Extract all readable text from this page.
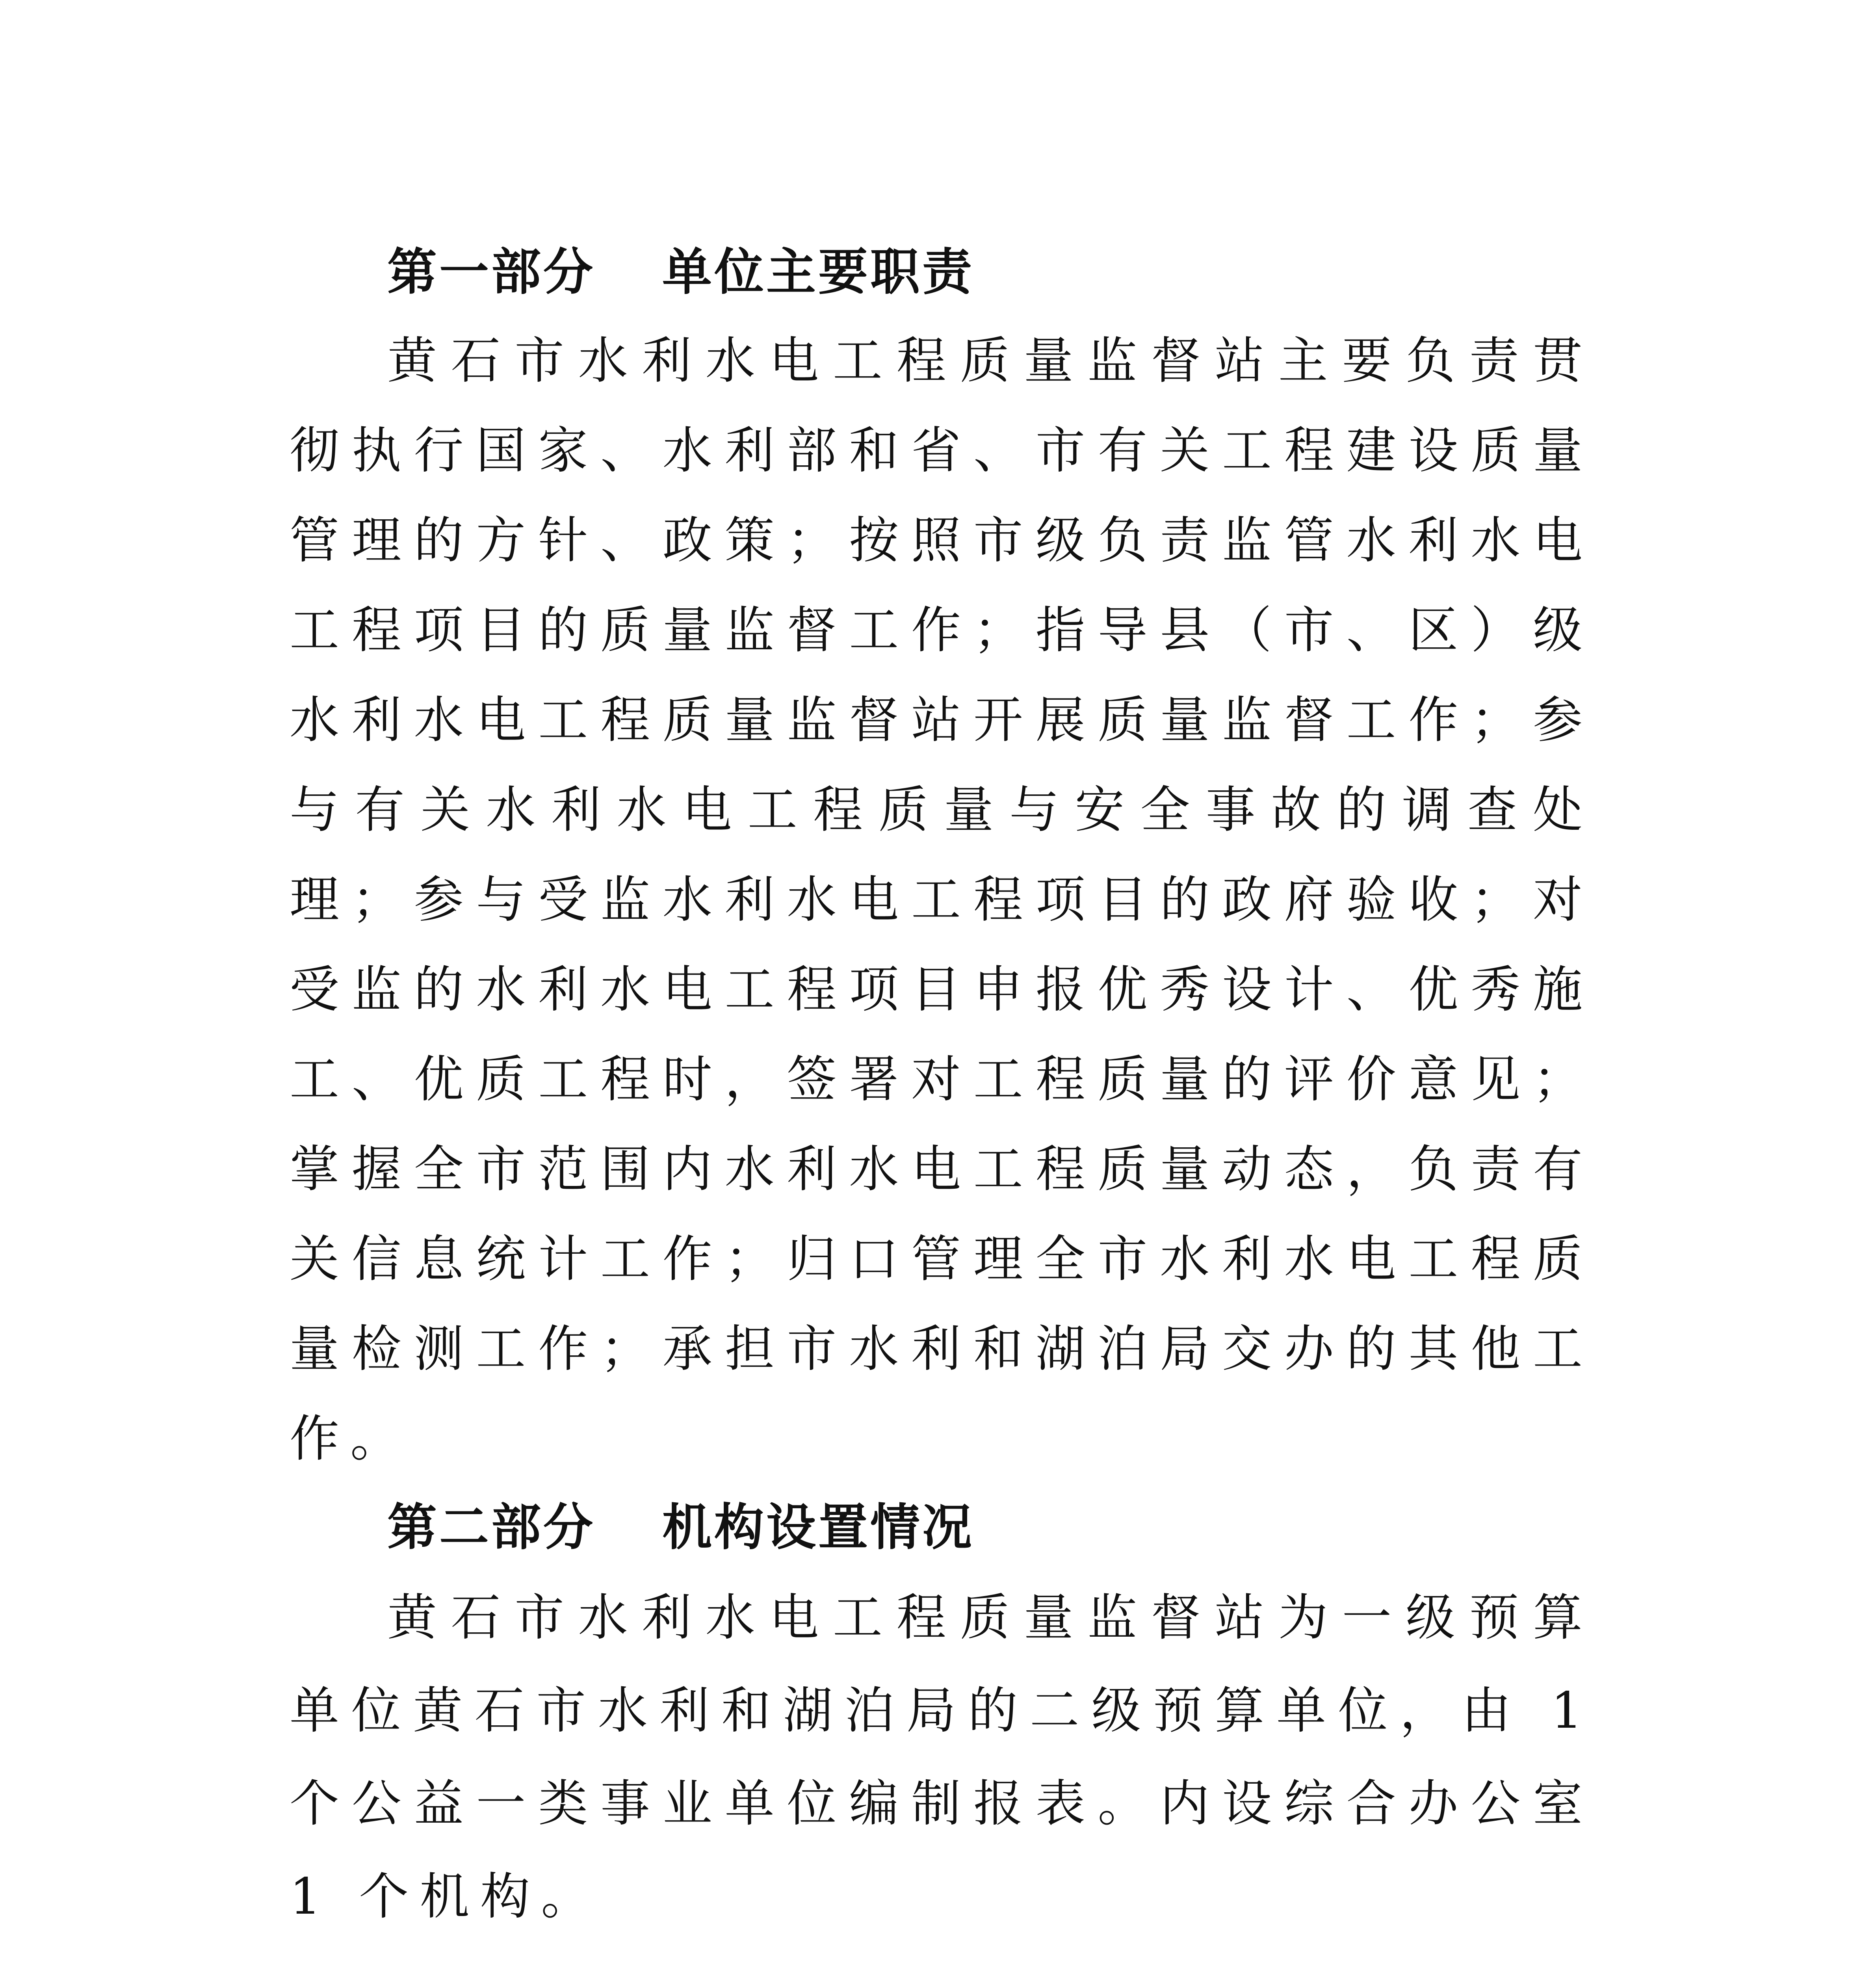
第一部分 单位主要职责

黄石市水利水电工程质量监督站主要负责贯彻执行国家、水利部和省、市有关工程建设质量管理的方针、政策；按照市级负责监管水利水电工程项目的质量监督工作；指导县（市、区）级水利水电工程质量监督站开展质量监督工作；参与有关水利水电工程质量与安全事故的调查处理；参与受监水利水电工程项目的政府验收；对受监的水利水电工程项目申报优秀设计、优秀施工、优质工程时，签署对工程质量的评价意见；掌握全市范围内水利水电工程质量动态，负责有关信息统计工作；归口管理全市水利水电工程质量检测工作；承担市水利和湖泊局交办的其他工作。

第二部分 机构设置情况

黄石市水利水电工程质量监督站为一级预算单位黄石市水利和湖泊局的二级预算单位，由 1 个公益一类事业单位编制报表。内设综合办公室 1 个机构。
